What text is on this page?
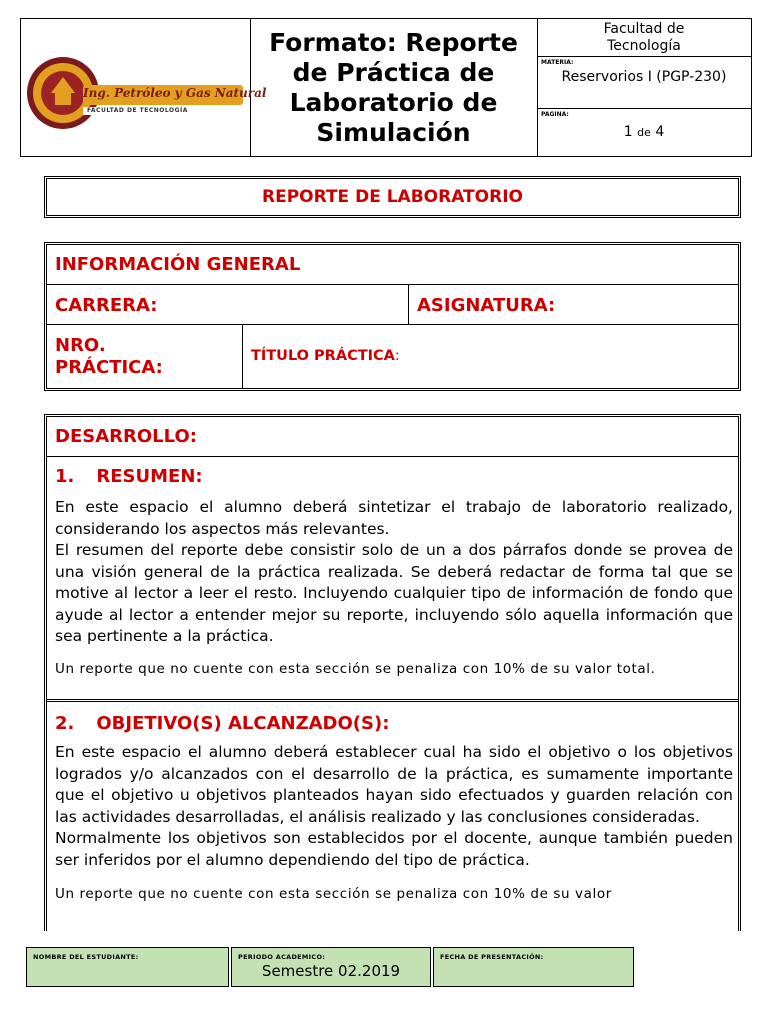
Ing. Petróleo y Gas Natural
FACULTAD DE TECNOLOGÍA
Formato: Reporte de Práctica de Laboratorio de Simulación
Facultad de Tecnología
MATERIA:
Reservorios I (PGP-230)
PAGINA:
1 de 4
REPORTE DE LABORATORIO
INFORMACIÓN GENERAL
CARRERA:	ASIGNATURA:
NRO.
PRÁCTICA:
TÍTULO PRÁCTICA:
DESARROLLO:
1. RESUMEN:

En este espacio el alumno deberá sintetizar el trabajo de laboratorio realizado, considerando los aspectos más relevantes.

El resumen del reporte debe consistir solo de un a dos párrafos donde se provea de una visión general de la práctica realizada. Se deberá redactar de forma tal que se motive al lector a leer el resto. Incluyendo cualquier tipo de información de fondo que ayude al lector a entender mejor su reporte, incluyendo sólo aquella información que sea pertinente a la práctica.

Un reporte que no cuente con esta sección se penaliza con 10% de su valor total.

2. OBJETIVO(S) ALCANZADO(S):

En este espacio el alumno deberá establecer cual ha sido el objetivo o los objetivos logrados y/o alcanzados con el desarrollo de la práctica, es sumamente importante que el objetivo u objetivos planteados hayan sido efectuados y guarden relación con las actividades desarrolladas, el análisis realizado y las conclusiones consideradas.

Normalmente los objetivos son establecidos por el docente, aunque también pueden ser inferidos por el alumno dependiendo del tipo de práctica.

Un reporte que no cuente con esta sección se penaliza con 10% de su valor

NOMBRE DEL ESTUDIANTE:	PERIODO ACADEMICO:
Semestre 02.2019
FECHA DE PRESENTACIÓN:
